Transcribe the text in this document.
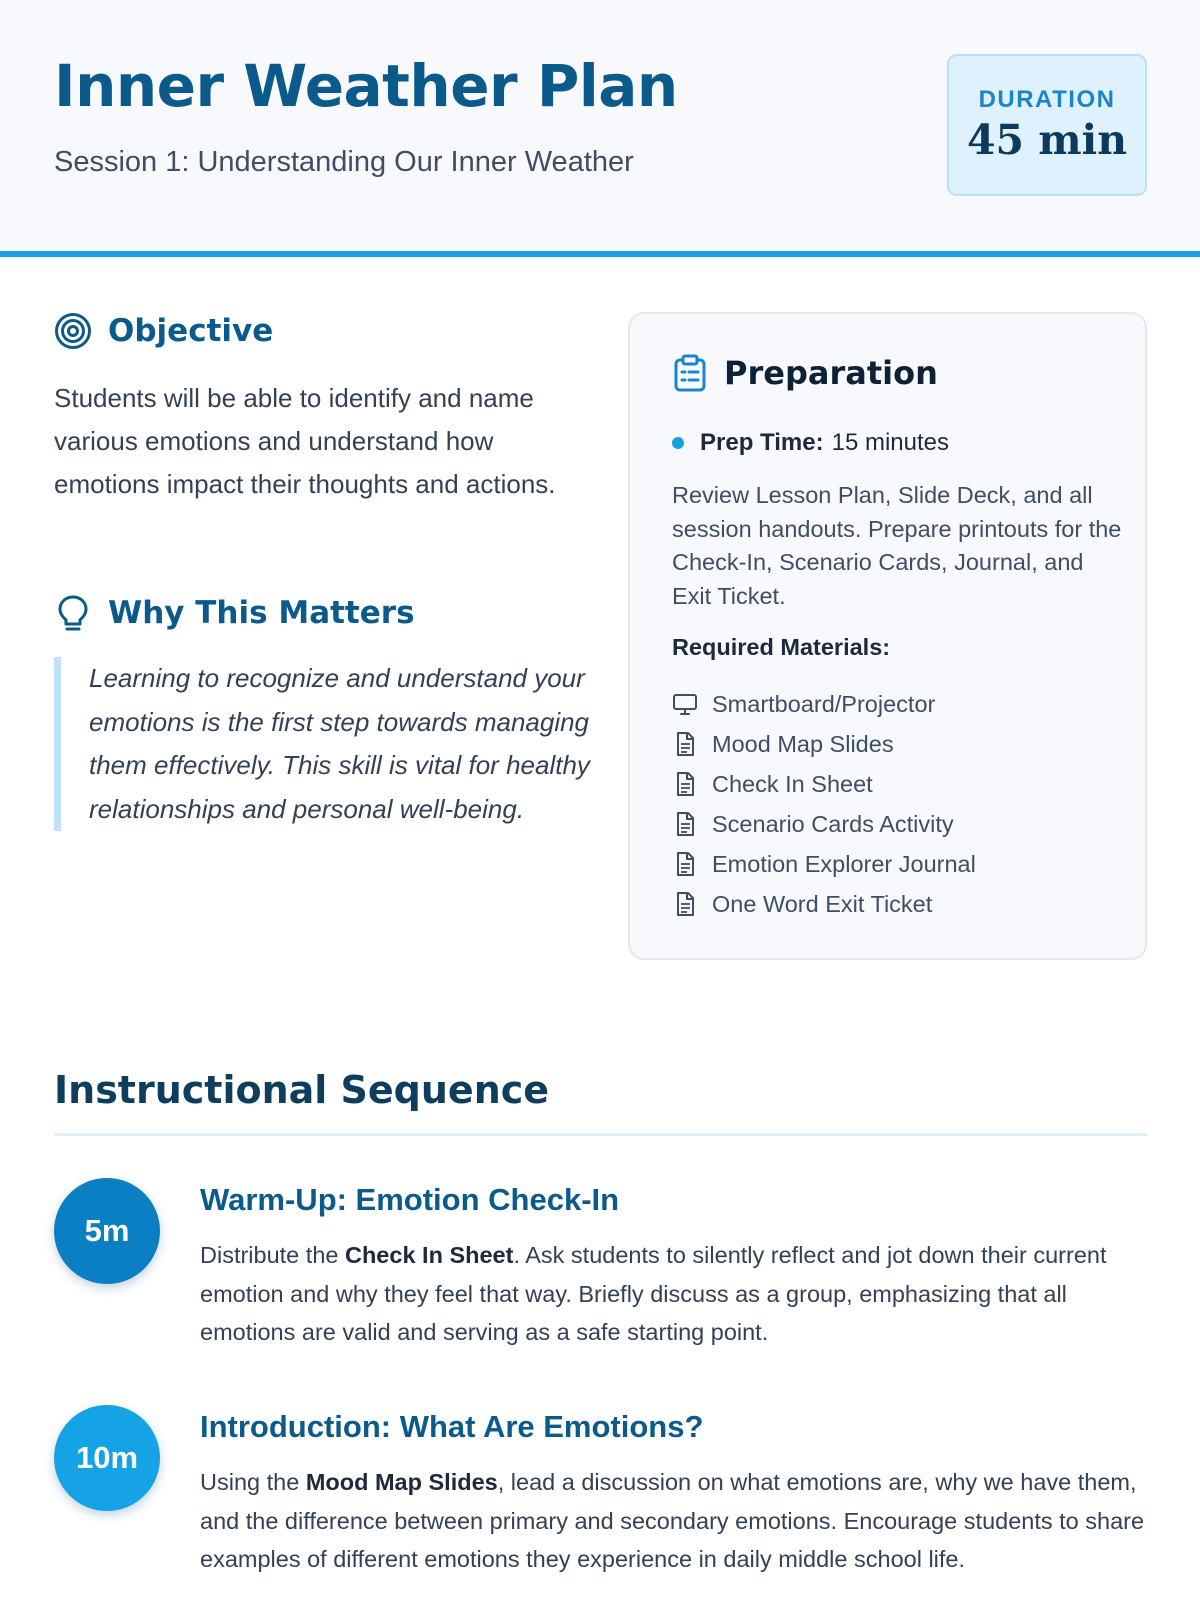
Inner Weather Plan
Session 1: Understanding Our Inner Weather
DURATION
45 min
Objective

Students will be able to identify and name various emotions and understand how emotions impact their thoughts and actions.

Why This Matters
Learning to recognize and understand your emotions is the first step towards managing them effectively. This skill is vital for healthy relationships and personal well-being.
Preparation
Prep Time: 15 minutes

Review Lesson Plan, Slide Deck, and all session handouts. Prepare printouts for the Check-In, Scenario Cards, Journal, and Exit Ticket.

Required Materials:
Smartboard/Projector
Mood Map Slides
Check In Sheet
Scenario Cards Activity
Emotion Explorer Journal
One Word Exit Ticket
Instructional Sequence
5m
Warm-Up: Emotion Check-In

Distribute the Check In Sheet. Ask students to silently reflect and jot down their current emotion and why they feel that way. Briefly discuss as a group, emphasizing that all emotions are valid and serving as a safe starting point.

10m
Introduction: What Are Emotions?

Using the Mood Map Slides, lead a discussion on what emotions are, why we have them, and the difference between primary and secondary emotions. Encourage students to share examples of different emotions they experience in daily middle school life.
